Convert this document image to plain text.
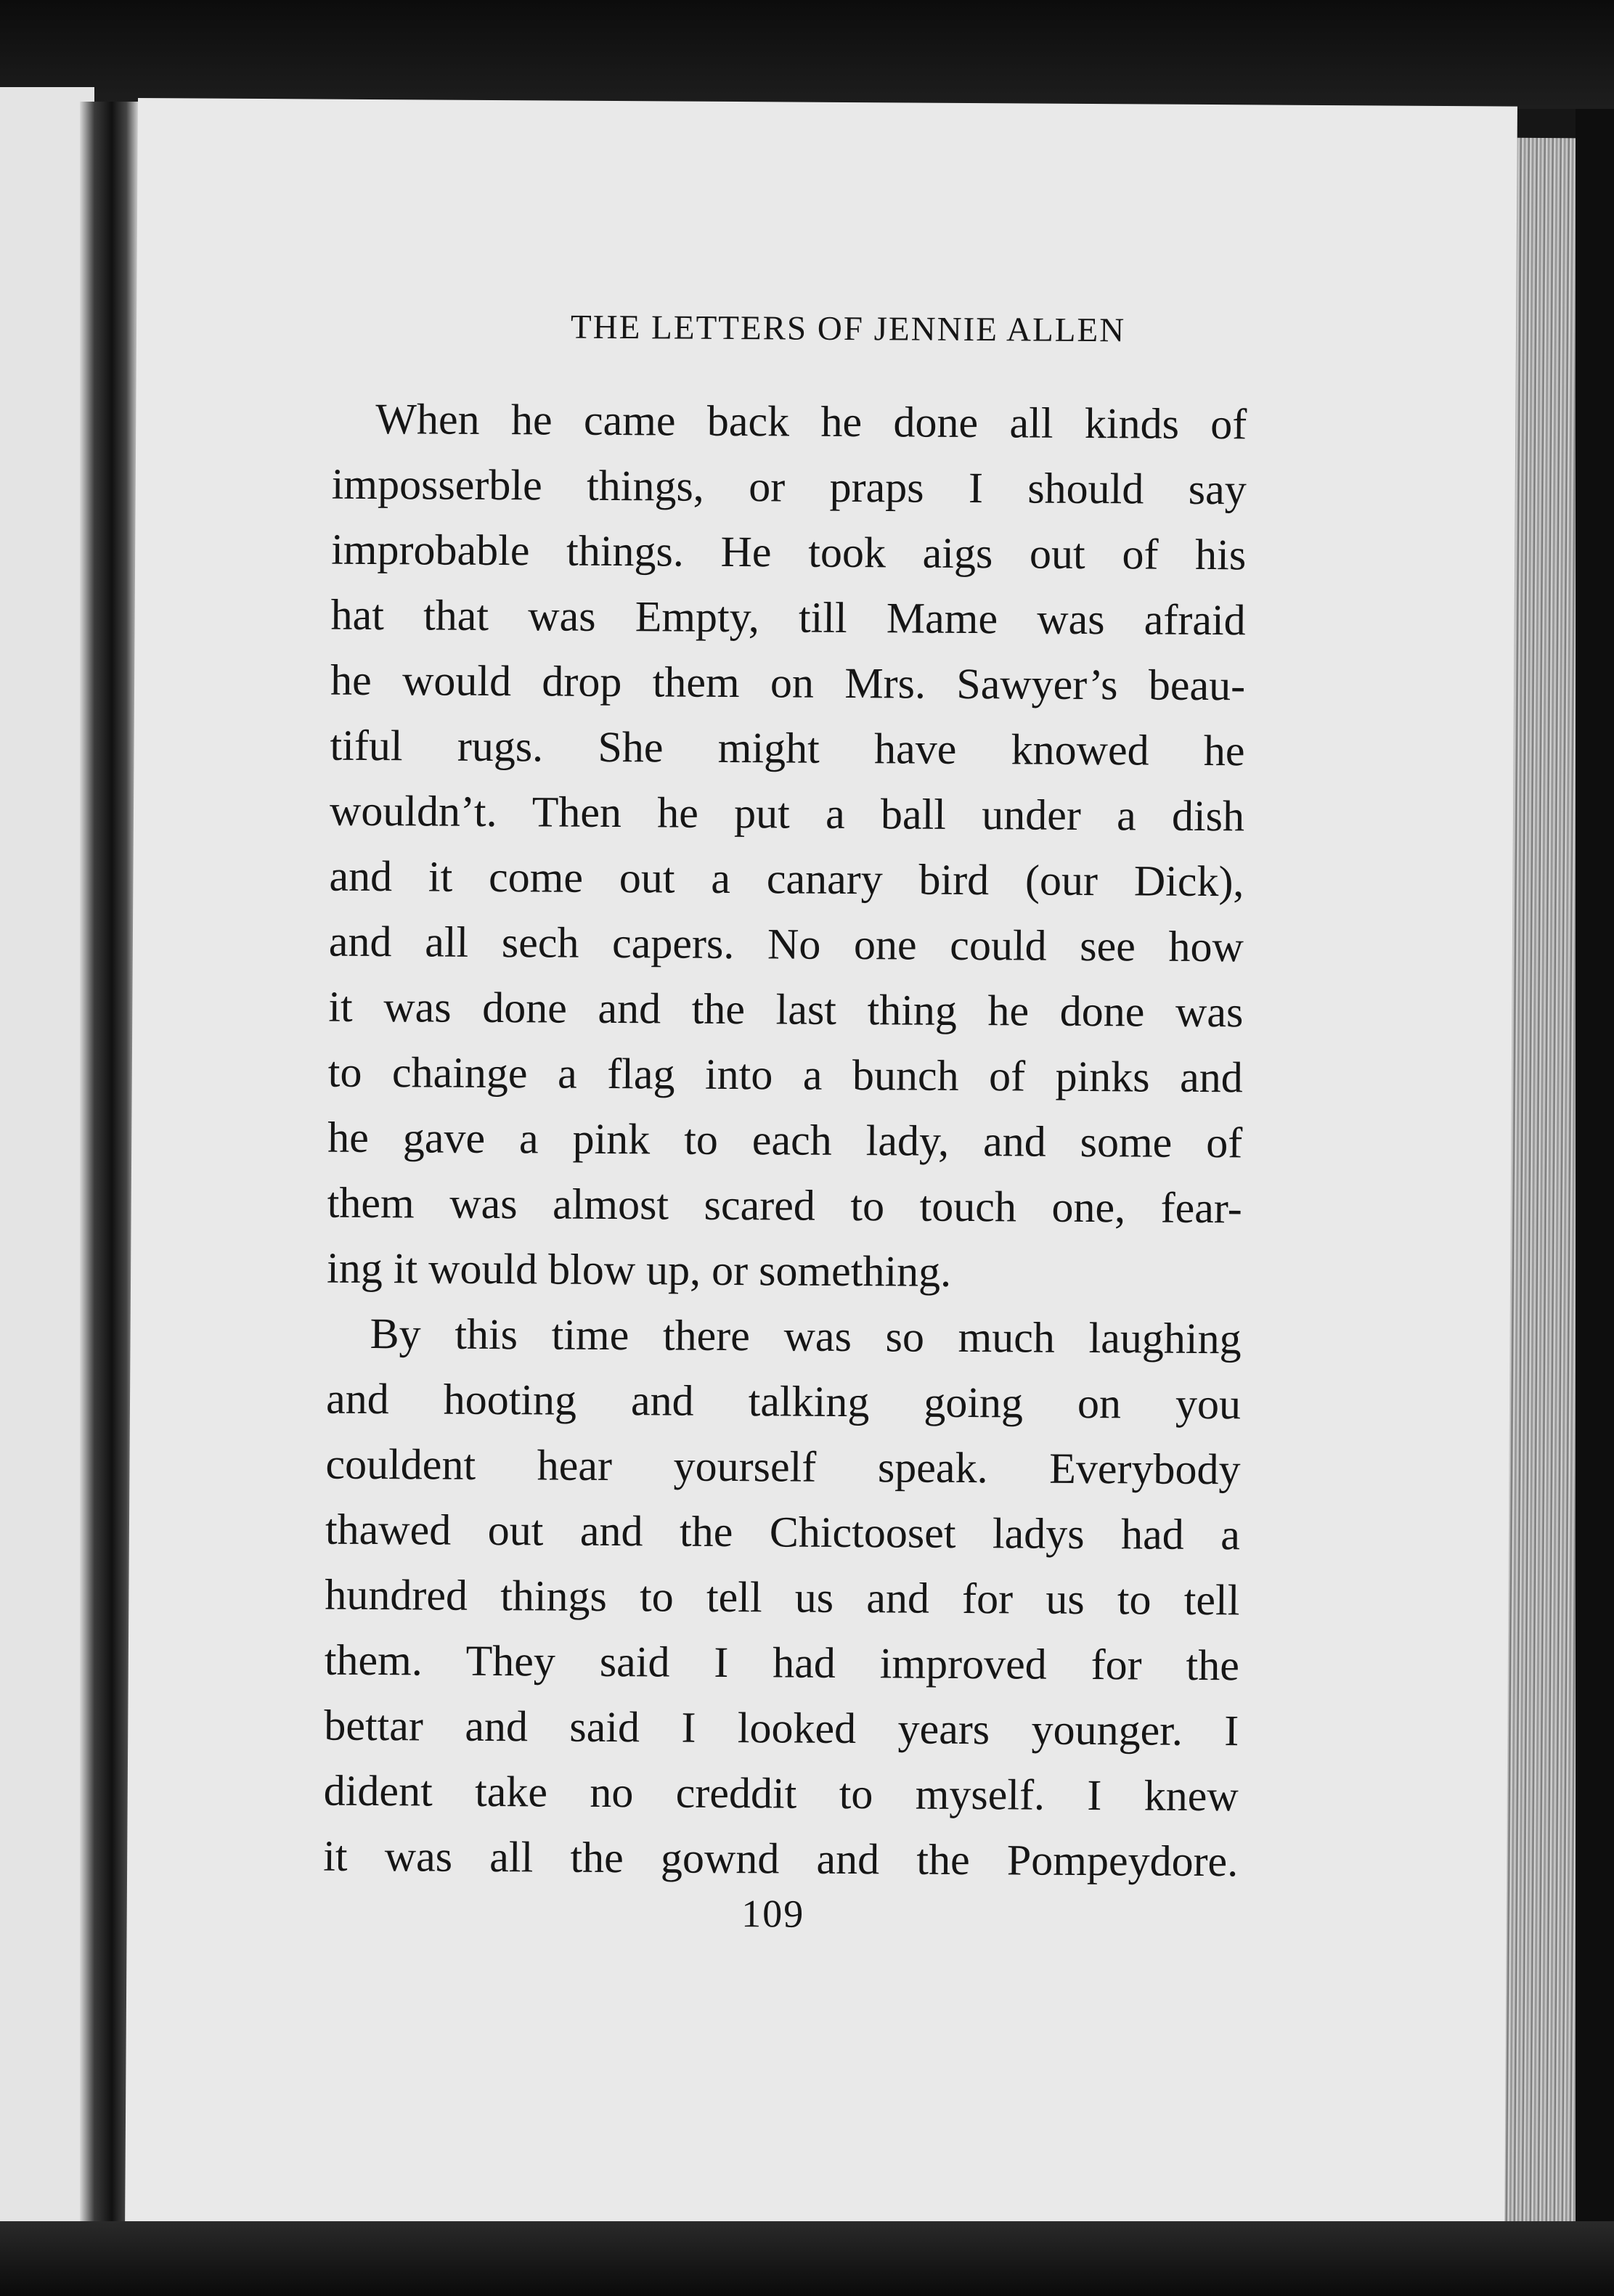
THE LETTERS OF JENNIE ALLEN
When he came back he done all kinds of
imposserble things, or praps I should say
improbable things. He took aigs out of his
hat that was Empty, till Mame was afraid
he would drop them on Mrs. Sawyer’s beau-
tiful rugs. She might have knowed he
wouldn’t. Then he put a ball under a dish
and it come out a canary bird (our Dick),
and all sech capers. No one could see how
it was done and the last thing he done was
to chainge a flag into a bunch of pinks and
he gave a pink to each lady, and some of
them was almost scared to touch one, fear-
ing it would blow up, or something.
By this time there was so much laughing
and hooting and talking going on you
couldent hear yourself speak. Everybody
thawed out and the Chictooset ladys had a
hundred things to tell us and for us to tell
them. They said I had improved for the
bettar and said I looked years younger. I
dident take no creddit to myself. I knew
it was all the gownd and the Pompeydore.
109
